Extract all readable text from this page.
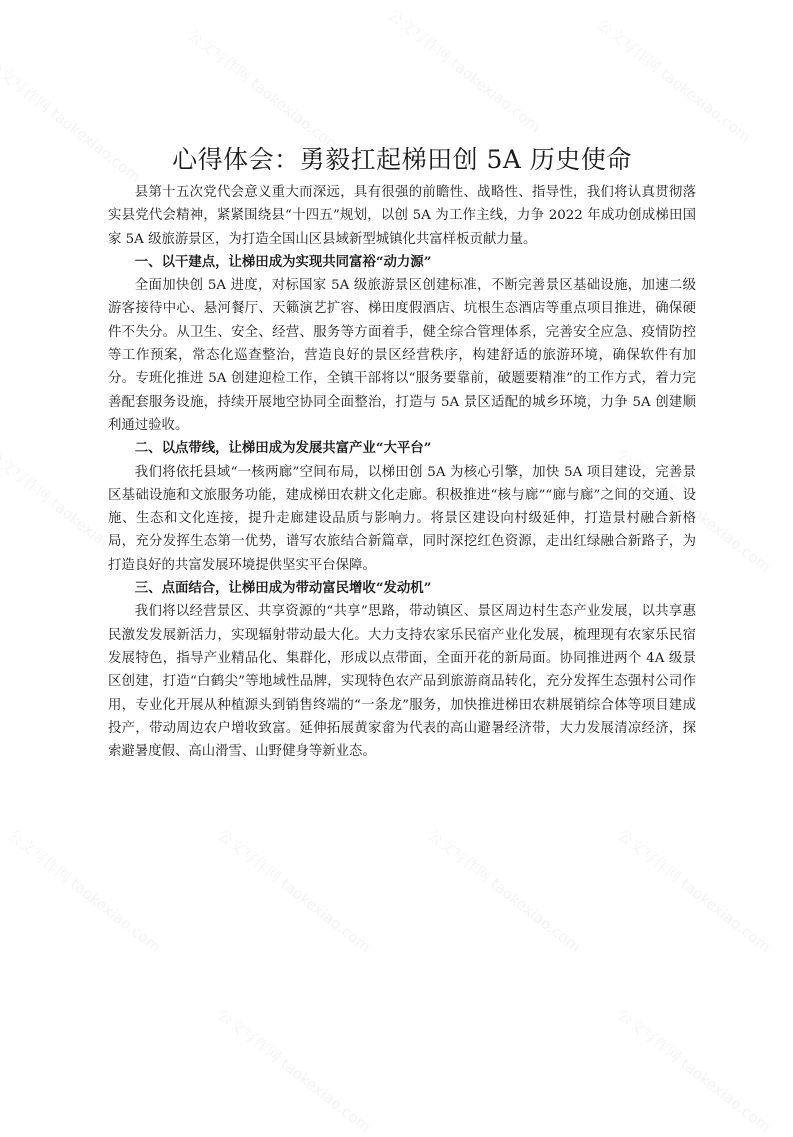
心得体会：勇毅扛起梯田创 5A 历史使命

县第十五次党代会意义重大而深远，具有很强的前瞻性、战略性、指导性，我们将认真贯彻落实县党代会精神，紧紧围绕县“十四五”规划，以创 5A 为工作主线，力争 2022 年成功创成梯田国家 5A 级旅游景区，为打造全国山区县域新型城镇化共富样板贡献力量。

一、以干建点，让梯田成为实现共同富裕“动力源”

全面加快创 5A 进度，对标国家 5A 级旅游景区创建标准，不断完善景区基础设施，加速二级游客接待中心、悬河餐厅、天籁演艺扩容、梯田度假酒店、坑根生态酒店等重点项目推进，确保硬件不失分。从卫生、安全、经营、服务等方面着手，健全综合管理体系，完善安全应急、疫情防控等工作预案，常态化巡查整治，营造良好的景区经营秩序，构建舒适的旅游环境，确保软件有加分。专班化推进 5A 创建迎检工作，全镇干部将以“服务要靠前，破题要精准”的工作方式，着力完善配套服务设施，持续开展地空协同全面整治，打造与 5A 景区适配的城乡环境，力争 5A 创建顺利通过验收。

二、以点带线，让梯田成为发展共富产业“大平台”

我们将依托县域“一核两廊”空间布局，以梯田创 5A 为核心引擎，加快 5A 项目建设，完善景区基础设施和文旅服务功能，建成梯田农耕文化走廊。积极推进“核与廊”“廊与廊”之间的交通、设施、生态和文化连接，提升走廊建设品质与影响力。将景区建设向村级延伸，打造景村融合新格局，充分发挥生态第一优势，谱写农旅结合新篇章，同时深挖红色资源，走出红绿融合新路子，为打造良好的共富发展环境提供坚实平台保障。

三、点面结合，让梯田成为带动富民增收“发动机”

我们将以经营景区、共享资源的“共享”思路，带动镇区、景区周边村生态产业发展，以共享惠民激发发展新活力，实现辐射带动最大化。大力支持农家乐民宿产业化发展，梳理现有农家乐民宿发展特色，指导产业精品化、集群化，形成以点带面，全面开花的新局面。协同推进两个 4A 级景区创建，打造“白鹤尖”等地域性品牌，实现特色农产品到旅游商品转化，充分发挥生态强村公司作用，专业化开展从种植源头到销售终端的“一条龙”服务，加快推进梯田农耕展销综合体等项目建成投产，带动周边农户增收致富。延伸拓展黄家畲为代表的高山避暑经济带，大力发展清凉经济，探索避暑度假、高山滑雪、山野健身等新业态。
